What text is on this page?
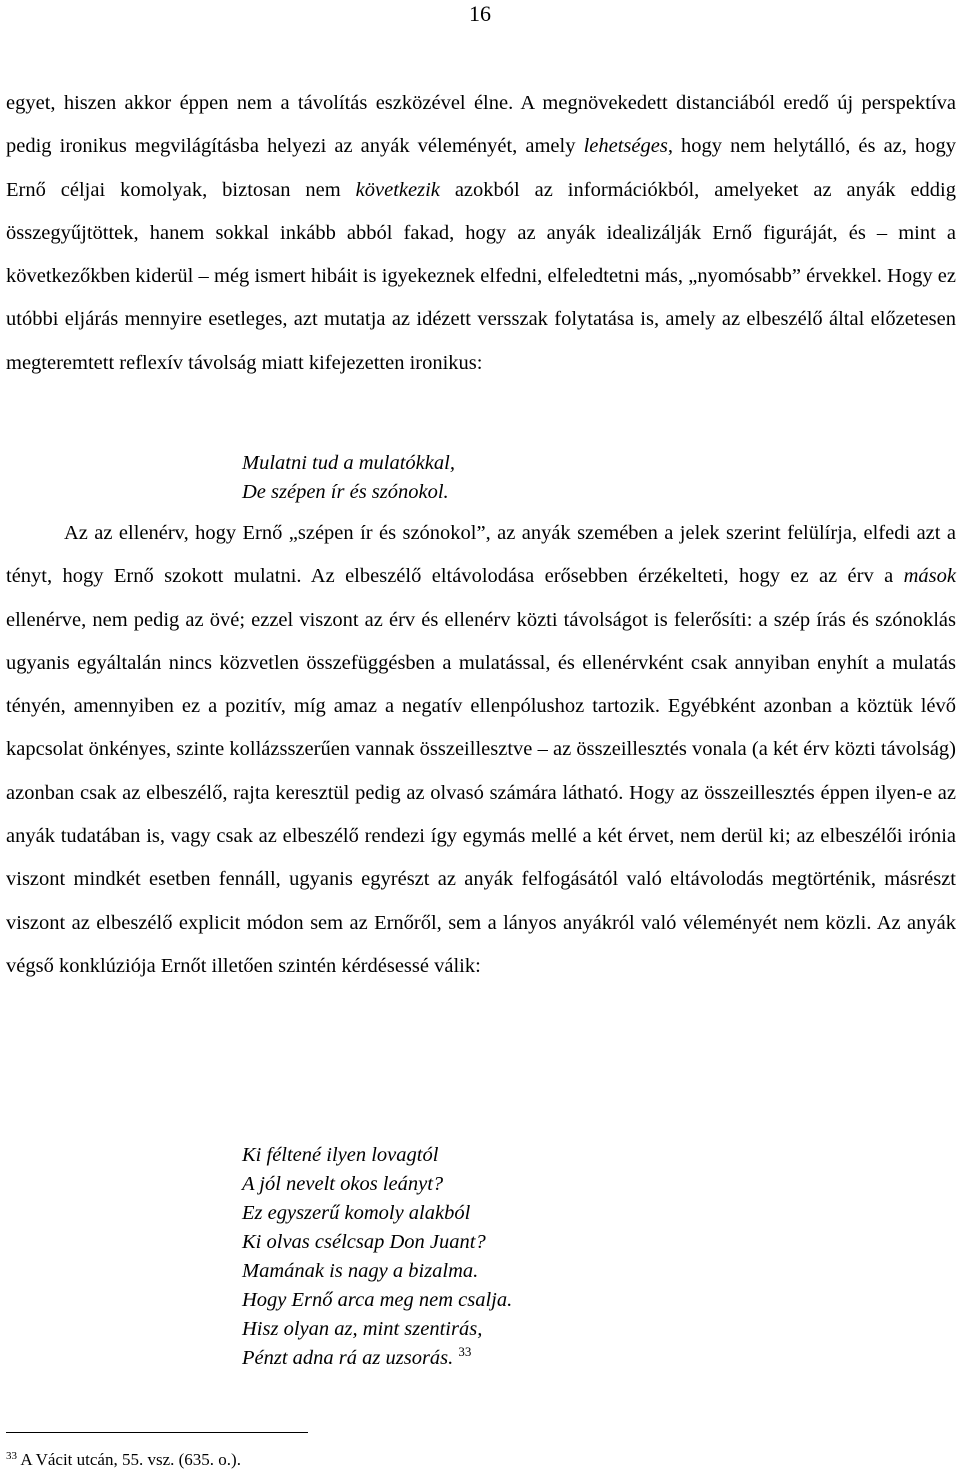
16

egyet, hiszen akkor éppen nem a távolítás eszközével élne. A megnövekedett distanciából eredő új perspektíva pedig ironikus megvilágításba helyezi az anyák véleményét, amely lehetséges, hogy nem helytálló, és az, hogy Ernő céljai komolyak, biztosan nem következik azokból az információkból, amelyeket az anyák eddig összegyűjtöttek, hanem sokkal inkább abból fakad, hogy az anyák idealizálják Ernő figuráját, és – mint a következőkben kiderül – még ismert hibáit is igyekeznek elfedni, elfeledtetni más, „nyomósabb” érvekkel. Hogy ez utóbbi eljárás mennyire esetleges, azt mutatja az idézett versszak folytatása is, amely az elbeszélő által előzetesen megteremtett reflexív távolság miatt kifejezetten ironikus:

Mulatni tud a mulatókkal,
De szépen ír és szónokol.

Az az ellenérv, hogy Ernő „szépen ír és szónokol”, az anyák szemében a jelek szerint felülírja, elfedi azt a tényt, hogy Ernő szokott mulatni. Az elbeszélő eltávolodása erősebben érzékelteti, hogy ez az érv a mások ellenérve, nem pedig az övé; ezzel viszont az érv és ellenérv közti távolságot is felerősíti: a szép írás és szónoklás ugyanis egyáltalán nincs közvetlen összefüggésben a mulatással, és ellenérvként csak annyiban enyhít a mulatás tényén, amennyiben ez a pozitív, míg amaz a negatív ellenpólushoz tartozik. Egyébként azonban a köztük lévő kapcsolat önkényes, szinte kollázsszerűen vannak összeillesztve – az összeillesztés vonala (a két érv közti távolság) azonban csak az elbeszélő, rajta keresztül pedig az olvasó számára látható. Hogy az összeillesztés éppen ilyen-e az anyák tudatában is, vagy csak az elbeszélő rendezi így egymás mellé a két érvet, nem derül ki; az elbeszélői irónia viszont mindkét esetben fennáll, ugyanis egyrészt az anyák felfogásától való eltávolodás megtörténik, másrészt viszont az elbeszélő explicit módon sem az Ernőről, sem a lányos anyákról való véleményét nem közli. Az anyák végső konklúziója Ernőt illetően szintén kérdésessé válik:

Ki féltené ilyen lovagtól
A jól nevelt okos leányt?
Ez egyszerű komoly alakból
Ki olvas csélcsap Don Juant?
Mamának is nagy a bizalma.
Hogy Ernő arca meg nem csalja.
Hisz olyan az, mint szentirás,
Pénzt adna rá az uzsorás. $^{33}$
$^{33}$ A Vácit utcán, 55. vsz. (635. o.).
